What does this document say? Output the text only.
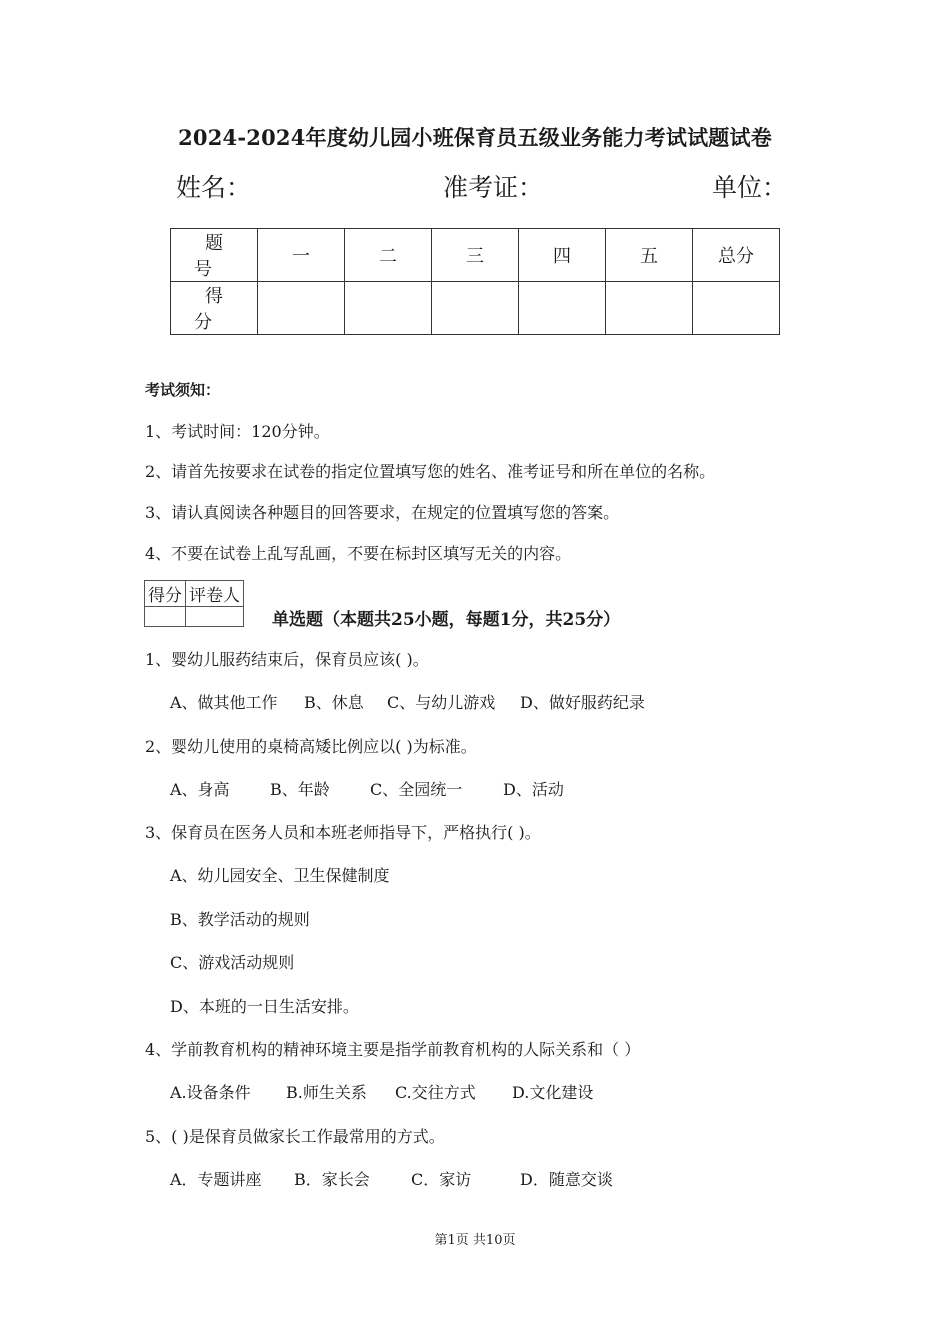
2024-2024年度幼儿园小班保育员五级业务能力考试试题试卷
姓名：	准考证：	单位：
题号	一	二	三	四	五	总分
得分						
考试须知：
1、考试时间：120分钟。
2、请首先按要求在试卷的指定位置填写您的姓名、准考证号和所在单位的名称。
3、请认真阅读各种题目的回答要求，在规定的位置填写您的答案。
4、不要在试卷上乱写乱画，不要在标封区填写无关的内容。
得分	评卷人

单选题（本题共25小题，每题1分，共25分）
1、婴幼儿服药结束后，保育员应该( )。
A、做其他工作 B、休息 C、与幼儿游戏 D、做好服药纪录
2、婴幼儿使用的桌椅高矮比例应以( )为标准。
A、身高	B、年龄	C、全园统一	D、活动
3、保育员在医务人员和本班老师指导下，严格执行( )。
A、幼儿园安全、卫生保健制度
B、教学活动的规则
C、游戏活动规则
D、本班的一日生活安排。
4、学前教育机构的精神环境主要是指学前教育机构的人际关系和（ ）
A.设备条件 B.师生关系 C.交往方式 D.文化建设
5、( )是保育员做家长工作最常用的方式。
A．专题讲座 B．家长会	C．家访	D．随意交谈
第1页 共10页
